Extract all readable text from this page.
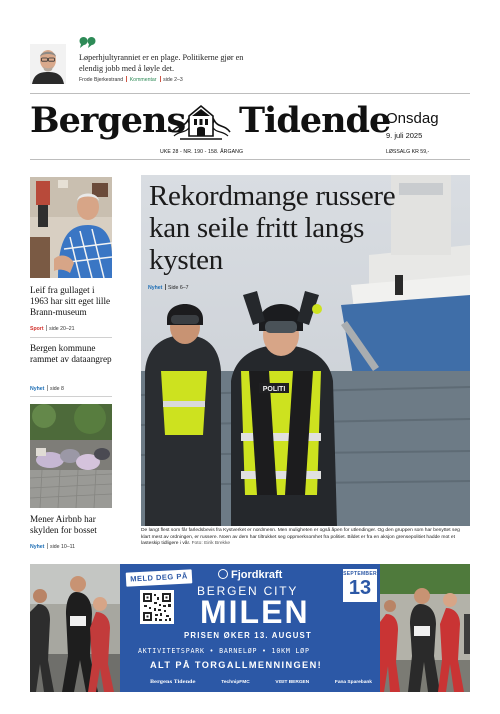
Løperhjultyranniet er en plage. Politikerne gjør en elendig jobb med å løyle det.
Frode Bjerkestrand Kommentar side 2–3
Bergens Tidende
Onsdag
9. juli 2025
UKE 28 - NR. 190 - 158. ÅRGANG	LØSSALG KR 59,-
Leif fra gullaget i 1963 har sitt eget lille Brann-museum
Sport side 20–21
Bergen kommune rammet av dataangrep
Nyhet side 8
Mener Airbnb har skylden for bosset
Nyhet side 10–11
POLITI
Rekordmange russere kan seile fritt langs kysten
Nyhet Side 6–7
De langt flest som får farledsbevis fra Kystverket er nordmenn. Men muligheten er også åpen for utlendinger. Og den gruppen som har benyttet seg klart mest av ordningen, er russere. Noen av dem har tiltrukket seg oppmerksomhet fra politiet. Bildet er fra en aksjon grensepolitiet hadde mot et lasteskip tidligere i vår. Foto: Eirik Brekke
MELD DEG PÅ	Fjordkraft	SEPTEMBER
13
BERGEN CITY
MILEN
PRISEN ØKER 13. AUGUST
AKTIVITETSPARK • BARNELØP • 10KM LØP
ALT PÅ TORGALLMENNINGEN!
Bergens Tidende	TechnipFMC	VISIT BERGEN	Fana Sparebank
